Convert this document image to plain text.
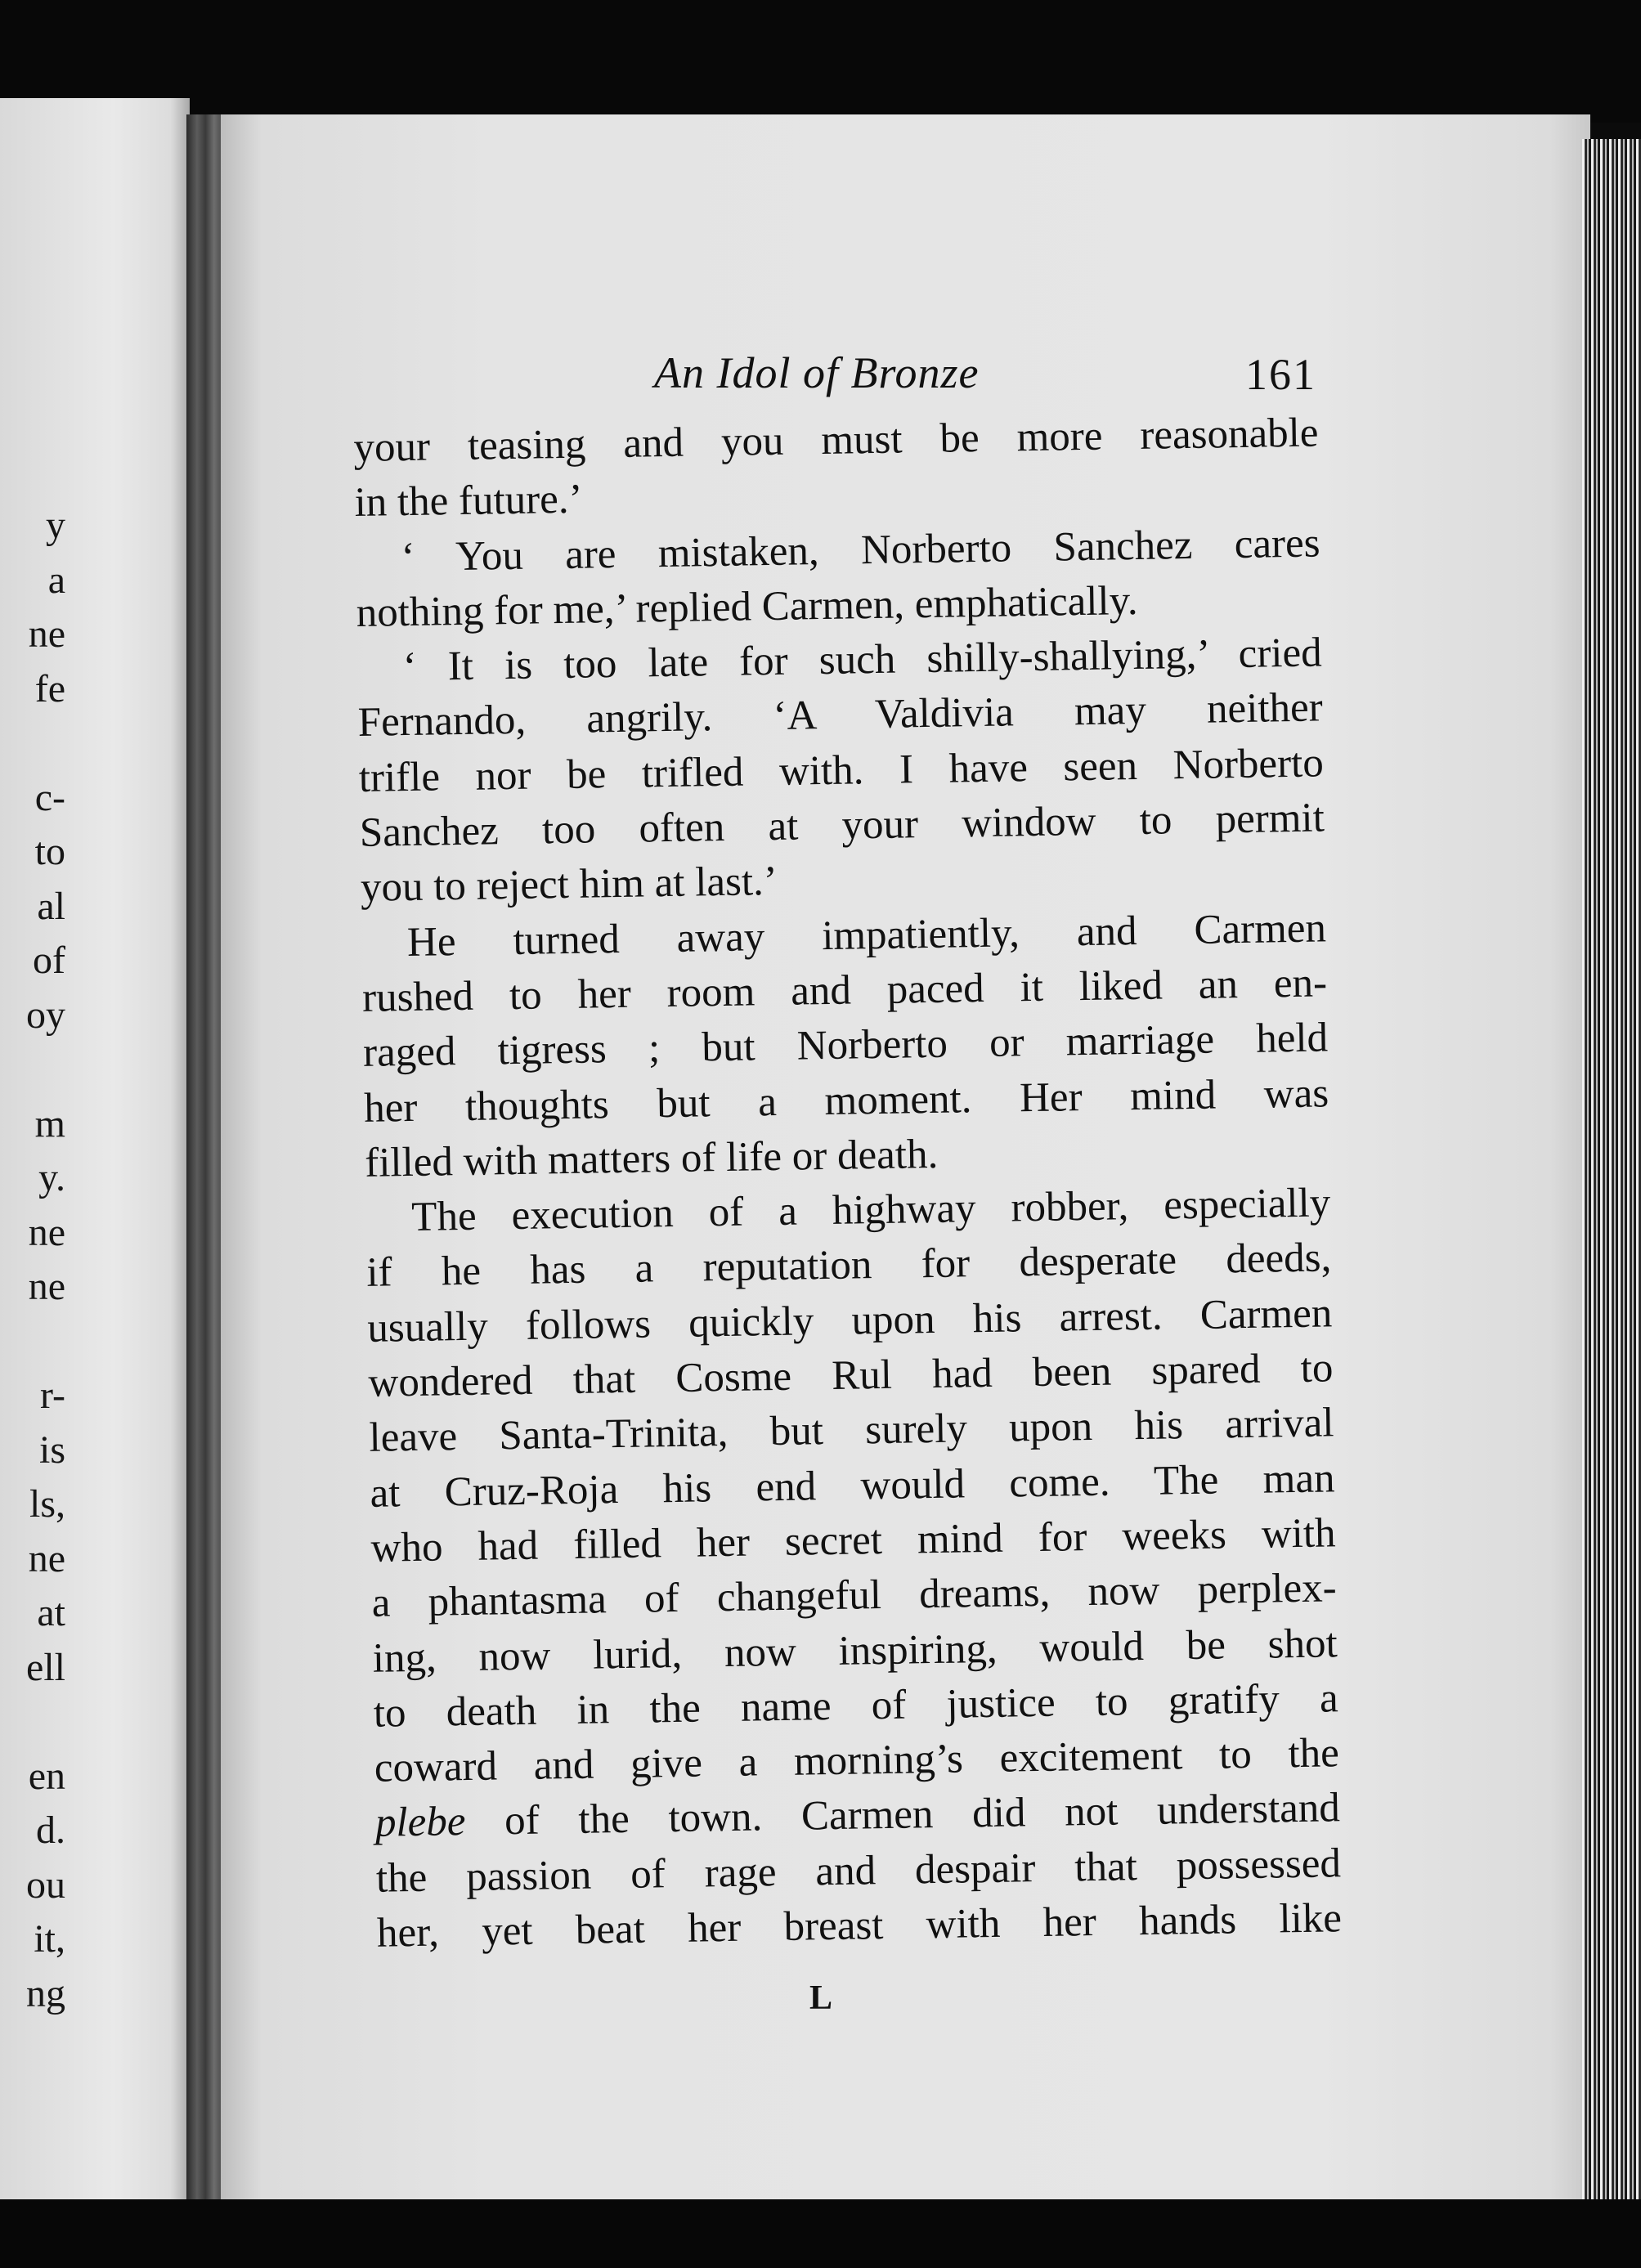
y
a
ne
fe
c-
to
al
of
oy
m
y.
ne
ne
r-
is
ls,
ne
at
ell
en
d.
ou
it,
ng
An Idol of Bronze	161
your teasing and you must be more reasonable
in the future.’
‘ You are mistaken, Norberto Sanchez cares
nothing for me,’ replied Carmen, emphatically.
‘ It is too late for such shilly-shallying,’ cried
Fernando, angrily. ‘A Valdivia may neither
trifle nor be trifled with. I have seen Norberto
Sanchez too often at your window to permit
you to reject him at last.’
He turned away impatiently, and Carmen
rushed to her room and paced it liked an en-
raged tigress ; but Norberto or marriage held
her thoughts but a moment. Her mind was
filled with matters of life or death.
The execution of a highway robber, especially
if he has a reputation for desperate deeds,
usually follows quickly upon his arrest. Carmen
wondered that Cosme Rul had been spared to
leave Santa-Trinita, but surely upon his arrival
at Cruz-Roja his end would come. The man
who had filled her secret mind for weeks with
a phantasma of changeful dreams, now perplex-
ing, now lurid, now inspiring, would be shot
to death in the name of justice to gratify a
coward and give a morning’s excitement to the
plebe of the town. Carmen did not understand
the passion of rage and despair that possessed
her, yet beat her breast with her hands like
L
